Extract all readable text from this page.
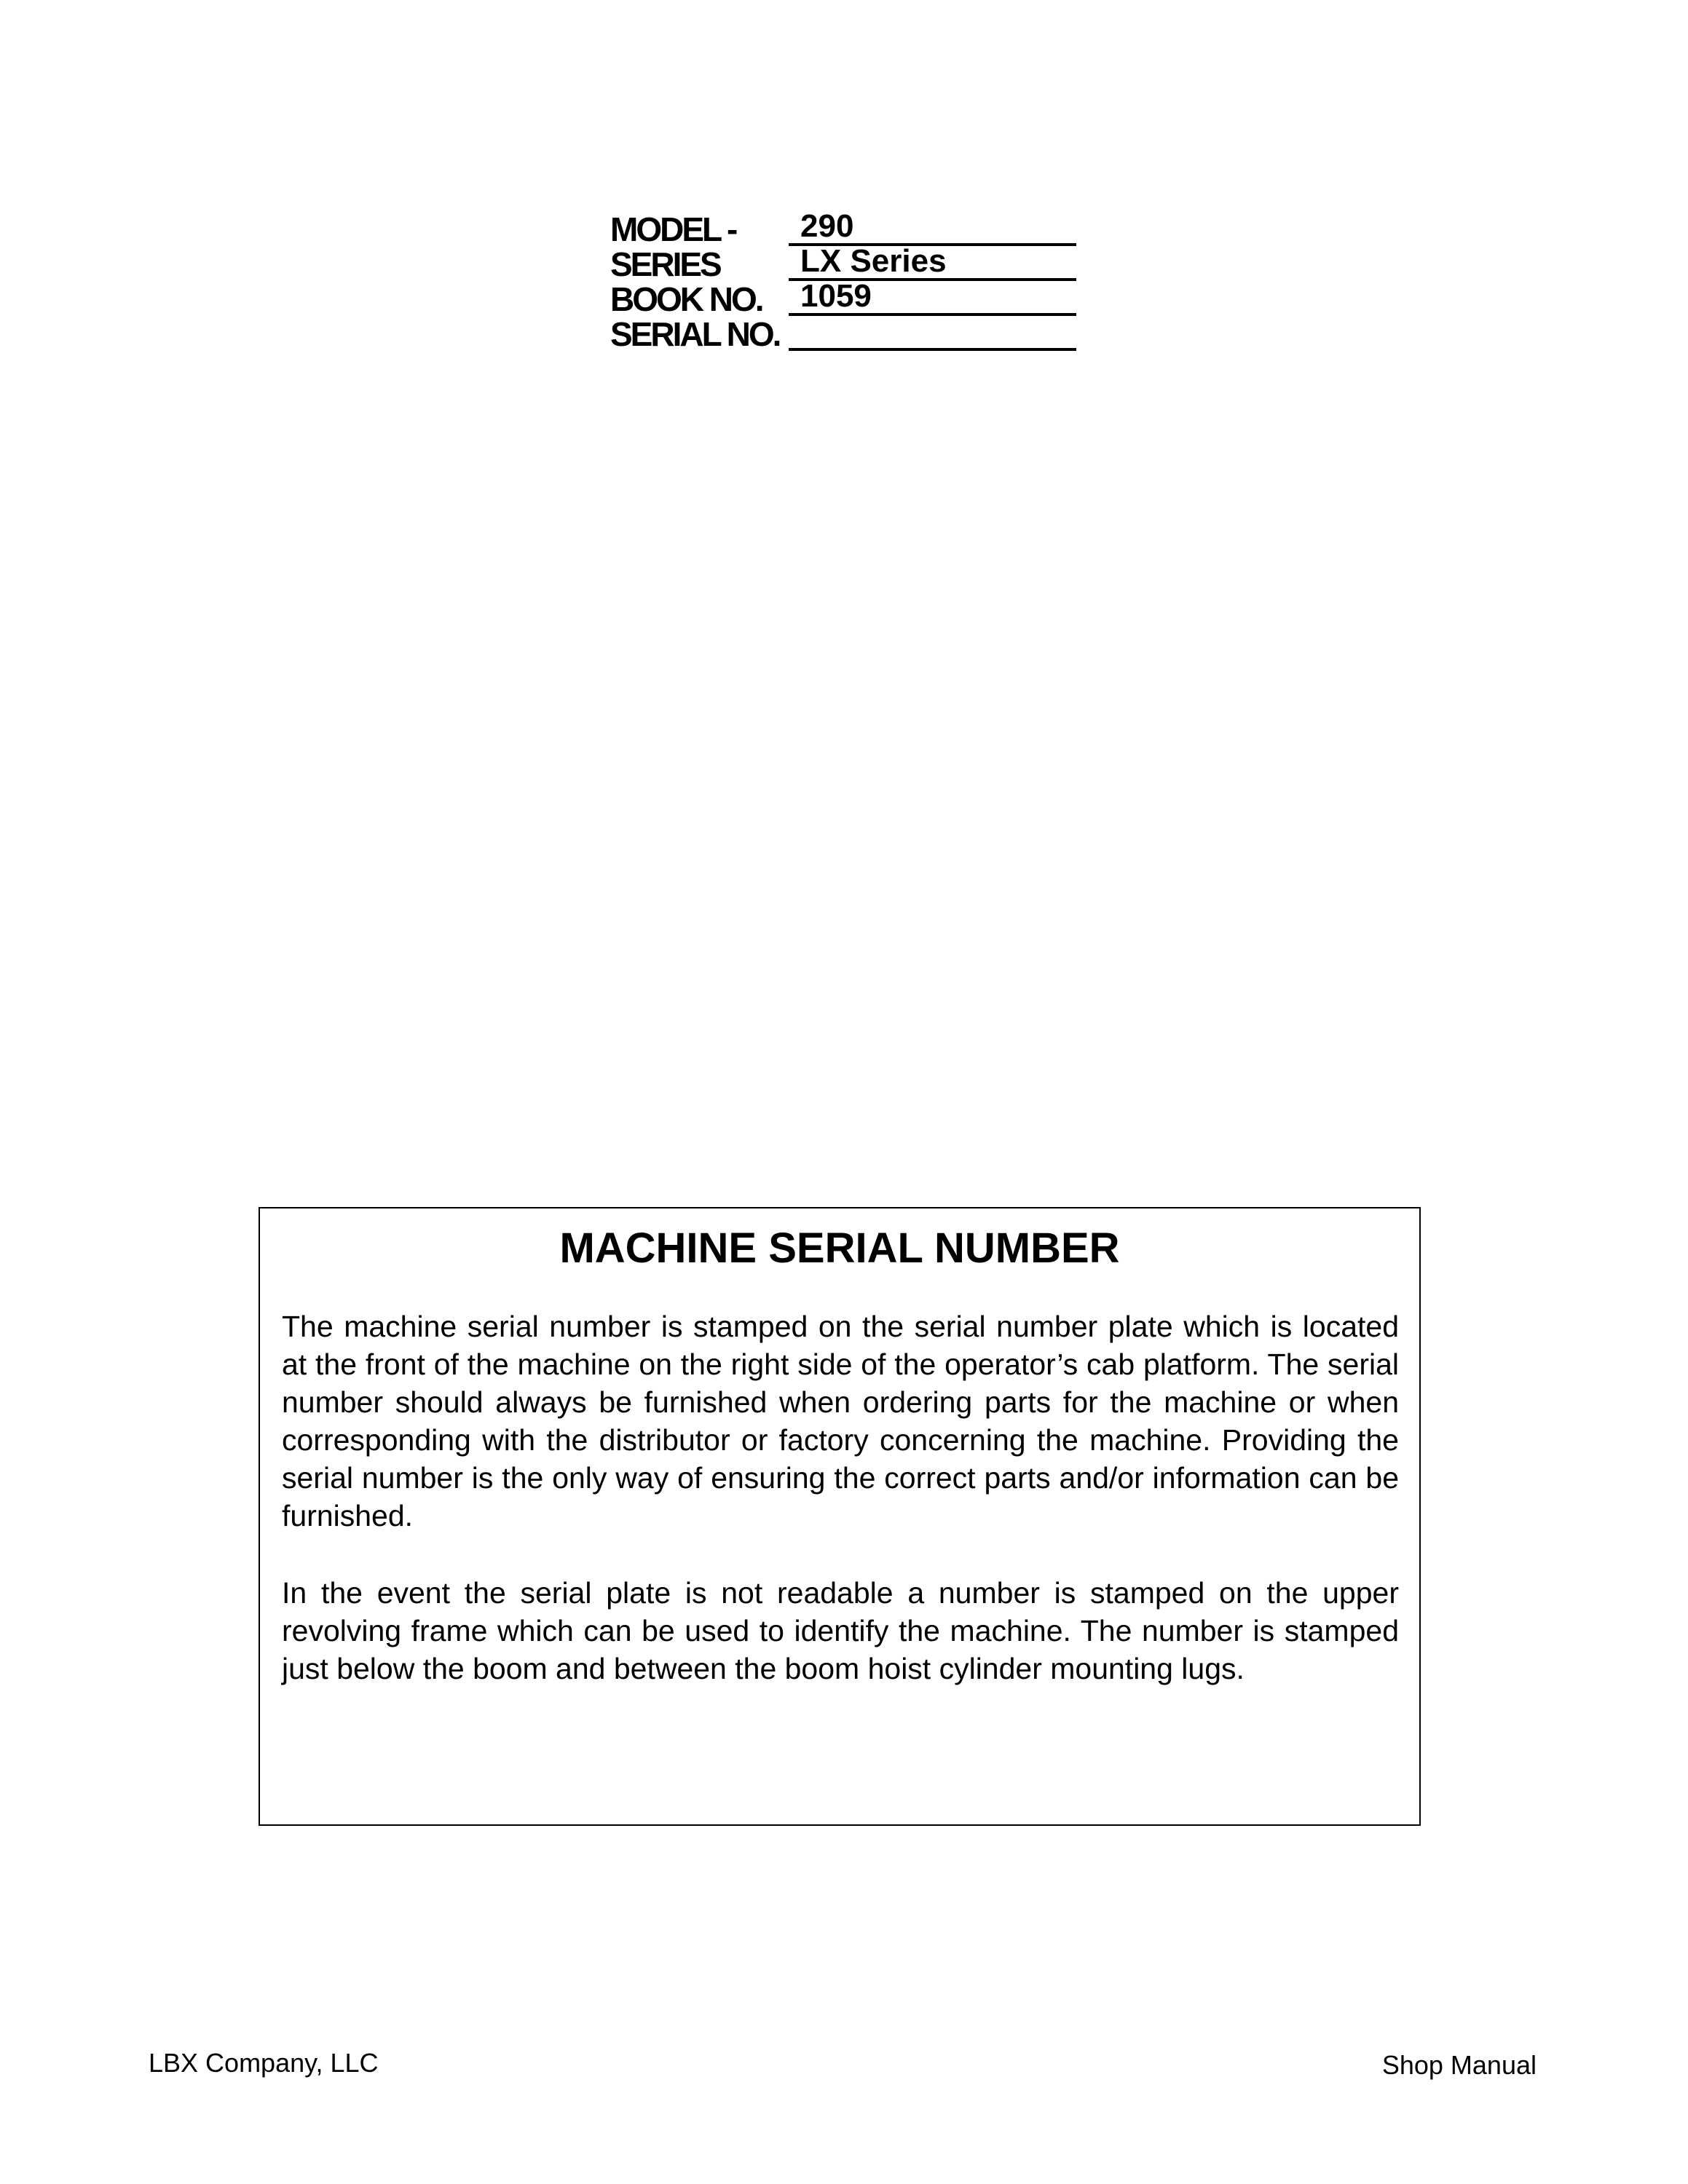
MODEL - 290
SERIES	LX Series
BOOK NO. 1059
SERIAL NO.
MACHINE SERIAL NUMBER

The machine serial number is stamped on the serial number plate which is located at the front of the machine on the right side of the operator’s cab platform. The serial number should always be furnished when ordering parts for the machine or when corresponding with the distributor or factory concerning the machine. Providing the serial number is the only way of ensuring the correct parts and/or information can be furnished.

In the event the serial plate is not readable a number is stamped on the upper revolving frame which can be used to identify the machine. The number is stamped just below the boom and between the boom hoist cylinder mounting lugs.

LBX Company, LLC	Shop Manual
